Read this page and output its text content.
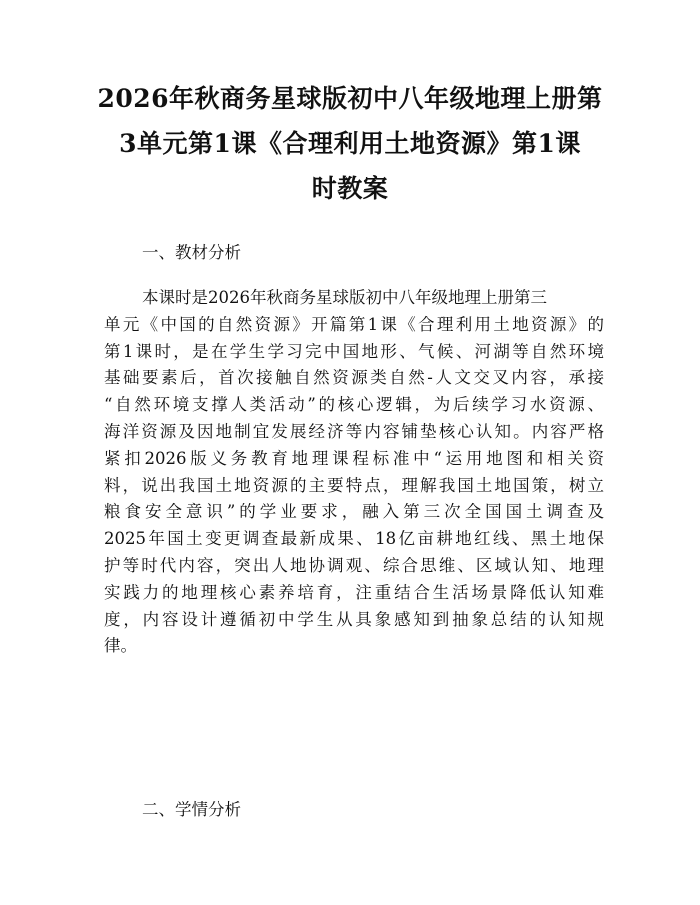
2026年秋商务星球版初中八年级地理上册第
3单元第1课《合理利用土地资源》第1课
时教案
一、教材分析
本课时是2026年秋商务星球版初中八年级地理上册第三
单元《中国的自然资源》开篇第1课《合理利用土地资源》的
第1课时，是在学生学习完中国地形、气候、河湖等自然环境
基础要素后，首次接触自然资源类自然-人文交叉内容，承接
“自然环境支撑人类活动”的核心逻辑，为后续学习水资源、
海洋资源及因地制宜发展经济等内容铺垫核心认知。内容严格
紧扣2026版义务教育地理课程标准中“运用地图和相关资
料，说出我国土地资源的主要特点，理解我国土地国策，树立
粮食安全意识”的学业要求，融入第三次全国国土调查及
2025年国土变更调查最新成果、18亿亩耕地红线、黑土地保
护等时代内容，突出人地协调观、综合思维、区域认知、地理
实践力的地理核心素养培育，注重结合生活场景降低认知难
度，内容设计遵循初中学生从具象感知到抽象总结的认知规
律。
二、学情分析
